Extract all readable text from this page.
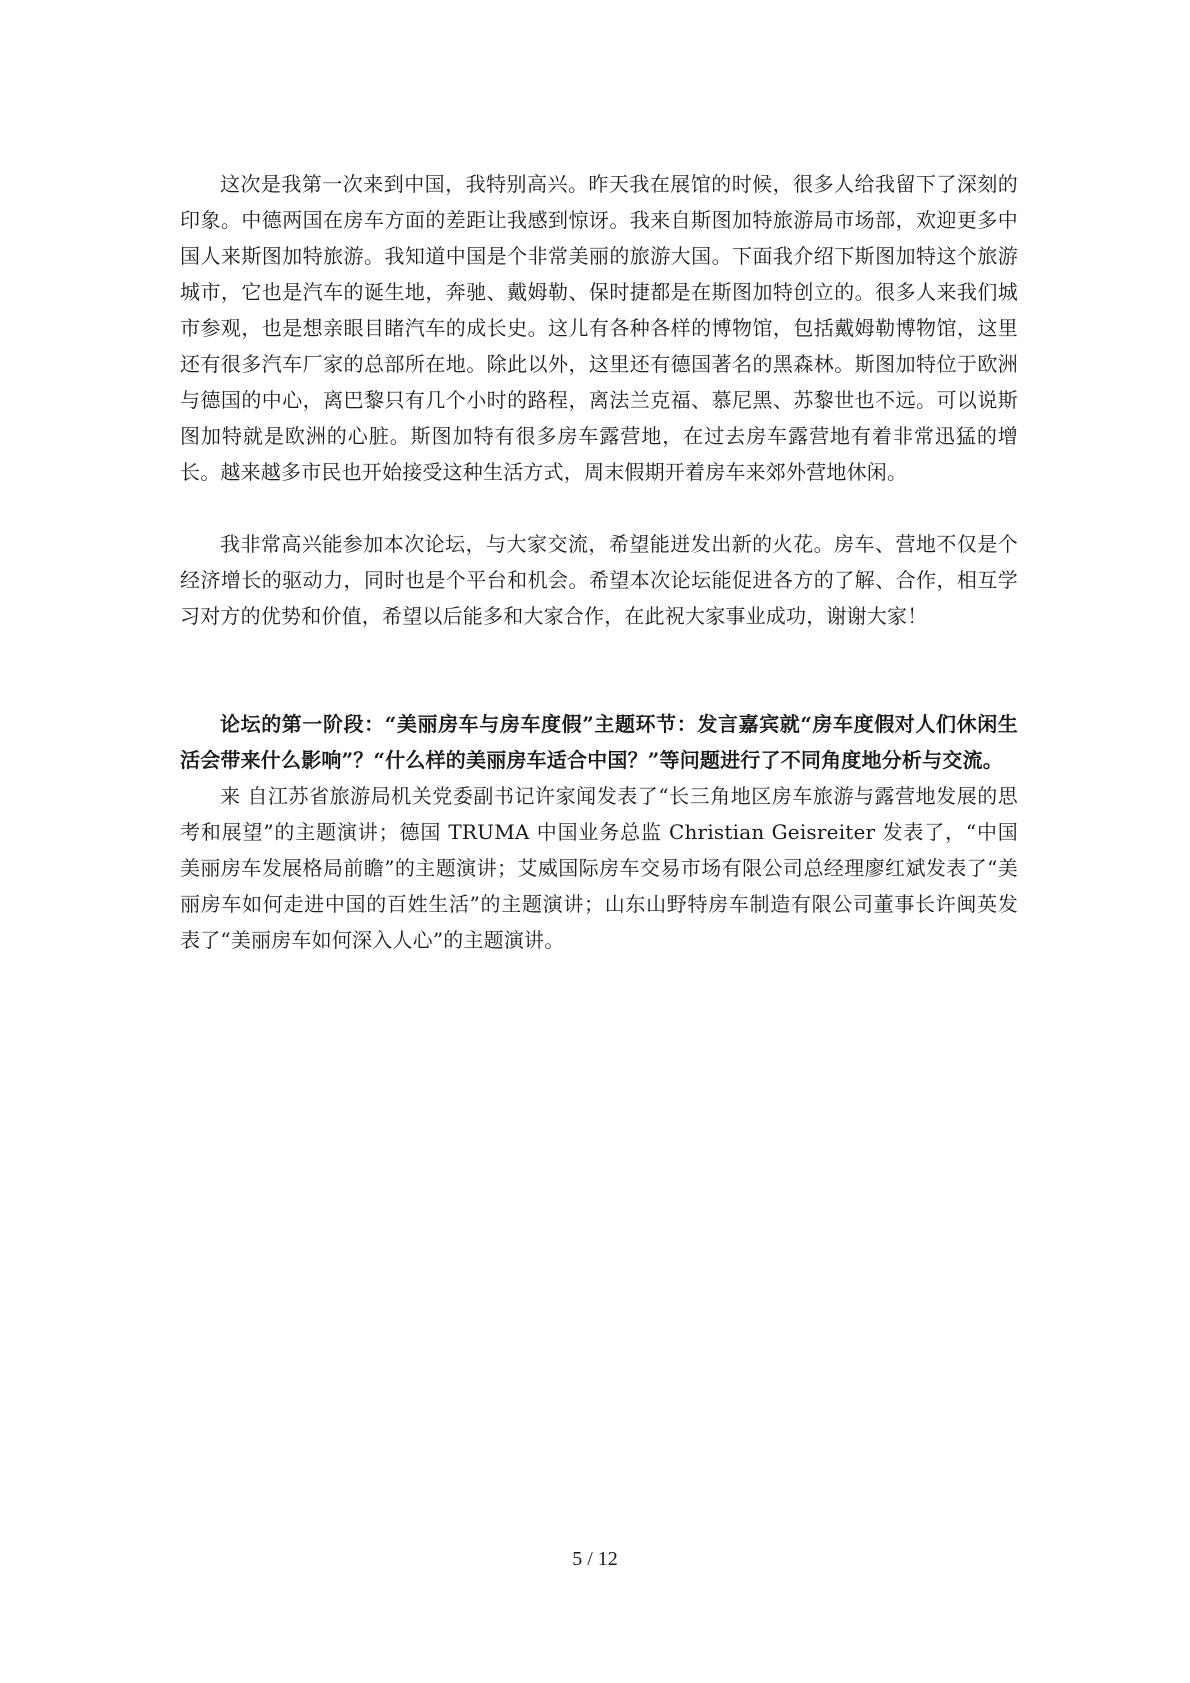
这次是我第一次来到中国，我特别高兴。昨天我在展馆的时候，很多人给我留下了深刻的印象。中德两国在房车方面的差距让我感到惊讶。我来自斯图加特旅游局市场部，欢迎更多中国人来斯图加特旅游。我知道中国是个非常美丽的旅游大国。下面我介绍下斯图加特这个旅游城市，它也是汽车的诞生地，奔驰、戴姆勒、保时捷都是在斯图加特创立的。很多人来我们城市参观，也是想亲眼目睹汽车的成长史。这儿有各种各样的博物馆，包括戴姆勒博物馆，这里还有很多汽车厂家的总部所在地。除此以外，这里还有德国著名的黑森林。斯图加特位于欧洲与德国的中心，离巴黎只有几个小时的路程，离法兰克福、慕尼黑、苏黎世也不远。可以说斯图加特就是欧洲的心脏。斯图加特有很多房车露营地，在过去房车露营地有着非常迅猛的增长。越来越多市民也开始接受这种生活方式，周末假期开着房车来郊外营地休闲。

我非常高兴能参加本次论坛，与大家交流，希望能迸发出新的火花。房车、营地不仅是个经济增长的驱动力，同时也是个平台和机会。希望本次论坛能促进各方的了解、合作，相互学习对方的优势和价值，希望以后能多和大家合作，在此祝大家事业成功，谢谢大家！

论坛的第一阶段：“美丽房车与房车度假”主题环节：发言嘉宾就“房车度假对人们休闲生活会带来什么影响”？“什么样的美丽房车适合中国？”等问题进行了不同角度地分析与交流。

来 自江苏省旅游局机关党委副书记许家闻发表了“长三角地区房车旅游与露营地发展的思考和展望”的主题演讲；德国 TRUMA 中国业务总监 Christian Geisreiter 发表了，“中国美丽房车发展格局前瞻”的主题演讲；艾威国际房车交易市场有限公司总经理廖红斌发表了“美丽房车如何走进中国的百姓生活”的主题演讲；山东山野特房车制造有限公司董事长许闽英发表了“美丽房车如何深入人心”的主题演讲。

5 / 12
